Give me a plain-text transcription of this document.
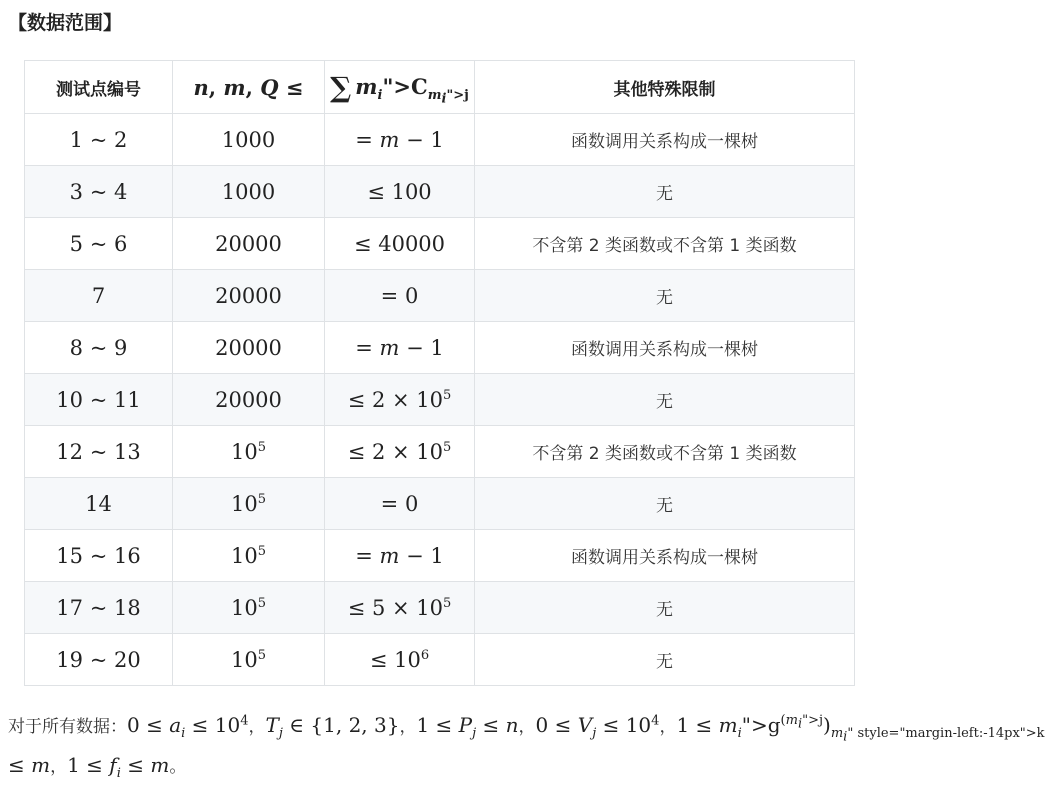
【数据范围】
测试点编号	n, m, Q ≤	∑ $m_i">C_{m_i">j}$	其他特殊限制
1 ~ 2	1000	= m − 1	函数调用关系构成一棵树
3 ~ 4	1000	≤ 100	无
5 ~ 6	20000	≤ 40000	不含第 2 类函数或不含第 1 类函数
7	20000	= 0	无
8 ~ 9	20000	= m − 1	函数调用关系构成一棵树
10 ~ 11	20000	≤ $2 \times 10^5$	无
12 ~ 13	$10^5$	≤ $2 \times 10^5$	不含第 2 类函数或不含第 1 类函数
14	$10^5$	= 0	无
15 ~ 16	$10^5$	= m − 1	函数调用关系构成一棵树
17 ~ 18	$10^5$	≤ $5 \times 10^5$	无
19 ~ 20	$10^5$	≤ $10^6$	无
对于所有数据：$0 \le a_i \le 10^4$，$T_j$ ∈ {1, 2, 3}，$1 \le P_j \le n$，$0 \le V_j \le 10^4$，$1 \le m_i">g^{(m_i">j})_{m_i" style="margin-left:-14px">k} \le m$，$1 \le f_i \le m$。
